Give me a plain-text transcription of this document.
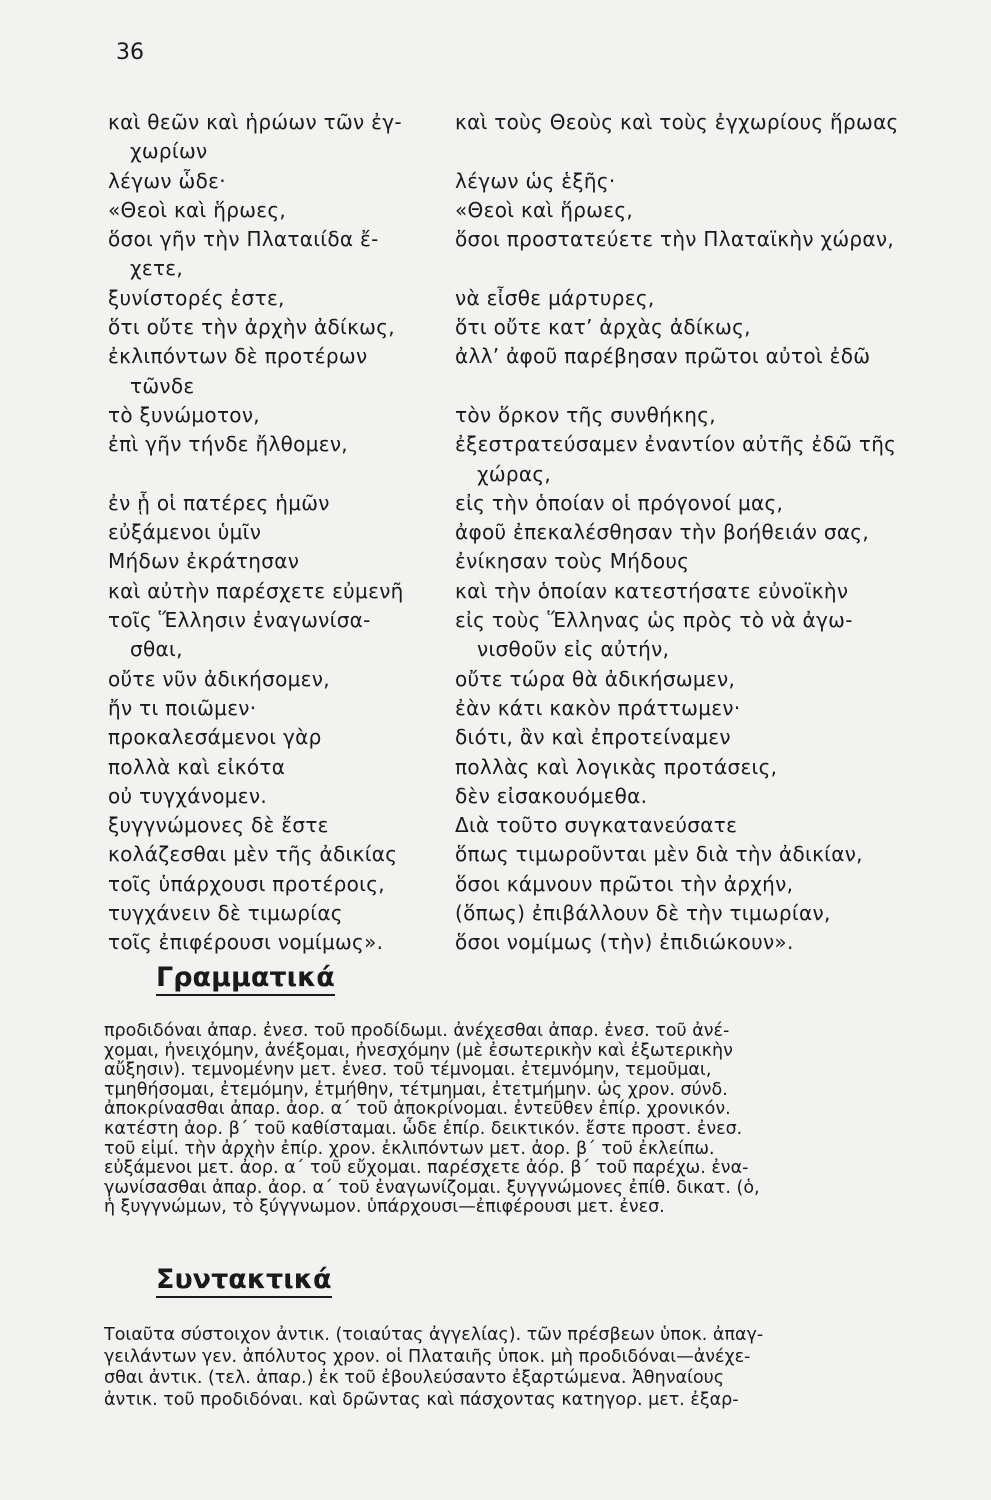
36
καὶ θεῶν καὶ ἡρώων τῶν ἐγ-
χωρίων
λέγων ὧδε·
«Θεοὶ καὶ ἥρωες,
ὅσοι γῆν τὴν Πλαταιίδα ἔ-
χετε,
ξυνίστορές ἐστε,
ὅτι οὔτε τὴν ἀρχὴν ἀδίκως,
ἐκλιπόντων δὲ προτέρων
τῶνδε
τὸ ξυνώμοτον,
ἐπὶ γῆν τήνδε ἤλθομεν,
ἐν ᾗ οἱ πατέρες ἡμῶν
εὐξάμενοι ὑμῖν
Μήδων ἐκράτησαν
καὶ αὐτὴν παρέσχετε εὐμενῆ
τοῖς Ἕλλησιν ἐναγωνίσα-
σθαι,
οὔτε νῦν ἀδικήσομεν,
ἤν τι ποιῶμεν·
προκαλεσάμενοι γὰρ
πολλὰ καὶ εἰκότα
οὐ τυγχάνομεν.
ξυγγνώμονες δὲ ἔστε
κολάζεσθαι μὲν τῆς ἀδικίας
τοῖς ὑπάρχουσι προτέροις,
τυγχάνειν δὲ τιμωρίας
τοῖς ἐπιφέρουσι νομίμως».
καὶ τοὺς Θεοὺς καὶ τοὺς ἐγχωρίους ἥρωας
λέγων ὡς ἑξῆς·
«Θεοὶ καὶ ἥρωες,
ὅσοι προστατεύετε τὴν Πλαταϊκὴν χώραν,
νὰ εἶσθε μάρτυρες,
ὅτι οὔτε κατ’ ἀρχὰς ἀδίκως,
ἀλλ’ ἀφοῦ παρέβησαν πρῶτοι αὐτοὶ ἐδῶ
τὸν ὅρκον τῆς συνθήκης,
ἐξεστρατεύσαμεν ἐναντίον αὐτῆς ἐδῶ τῆς
χώρας,
εἰς τὴν ὁποίαν οἱ πρόγονοί μας,
ἀφοῦ ἐπεκαλέσθησαν τὴν βοήθειάν σας,
ἐνίκησαν τοὺς Μήδους
καὶ τὴν ὁποίαν κατεστήσατε εὐνοϊκὴν
εἰς τοὺς Ἕλληνας ὡς πρὸς τὸ νὰ ἀγω-
νισθοῦν εἰς αὐτήν,
οὔτε τώρα θὰ ἀδικήσωμεν,
ἐὰν κάτι κακὸν πράττωμεν·
διότι, ἂν καὶ ἐπροτείναμεν
πολλὰς καὶ λογικὰς προτάσεις,
δὲν εἰσακουόμεθα.
Διὰ τοῦτο συγκατανεύσατε
ὅπως τιμωροῦνται μὲν διὰ τὴν ἀδικίαν,
ὅσοι κάμνουν πρῶτοι τὴν ἀρχήν,
(ὅπως) ἐπιβάλλουν δὲ τὴν τιμωρίαν,
ὅσοι νομίμως (τὴν) ἐπιδιώκουν».
Γραμματικά
προδιδόναι ἀπαρ. ἐνεσ. τοῦ προδίδωμι. ἀνέχεσθαι ἀπαρ. ἐνεσ. τοῦ ἀνέ-
χομαι, ἠνειχόμην, ἀνέξομαι, ἠνεσχόμην (μὲ ἐσωτερικὴν καὶ ἐξωτερικὴν
αὔξησιν). τεμνομένην μετ. ἐνεσ. τοῦ τέμνομαι. ἐτεμνόμην, τεμοῦμαι,
τμηθήσομαι, ἐτεμόμην, ἐτμήθην, τέτμημαι, ἐτετμήμην. ὡς χρον. σύνδ.
ἀποκρίνασθαι ἀπαρ. ἀορ. α΄ τοῦ ἀποκρίνομαι. ἐντεῦθεν ἐπίρ. χρονικόν.
κατέστη ἀορ. β΄ τοῦ καθίσταμαι. ὧδε ἐπίρ. δεικτικόν. ἔστε προστ. ἐνεσ.
τοῦ εἰμί. τὴν ἀρχὴν ἐπίρ. χρον. ἐκλιπόντων μετ. ἀορ. β΄ τοῦ ἐκλείπω.
εὐξάμενοι μετ. ἀορ. α΄ τοῦ εὔχομαι. παρέσχετε ἀόρ. β΄ τοῦ παρέχω. ἐνα-
γωνίσασθαι ἀπαρ. ἀορ. α΄ τοῦ ἐναγωνίζομαι. ξυγγνώμονες ἐπίθ. δικατ. (ὁ,
ἡ ξυγγνώμων, τὸ ξύγγνωμον. ὑπάρχουσι—ἐπιφέρουσι μετ. ἐνεσ.
Συντακτικά
Τοιαῦτα σύστοιχον ἀντικ. (τοιαύτας ἀγγελίας). τῶν πρέσβεων ὑποκ. ἀπαγ-
γειλάντων γεν. ἀπόλυτος χρον. οἱ Πλαταιῆς ὑποκ. μὴ προδιδόναι—ἀνέχε-
σθαι ἀντικ. (τελ. ἀπαρ.) ἐκ τοῦ ἐβουλεύσαντο ἐξαρτώμενα. Ἀθηναίους
ἀντικ. τοῦ προδιδόναι. καὶ δρῶντας καὶ πάσχοντας κατηγορ. μετ. ἐξαρ-
